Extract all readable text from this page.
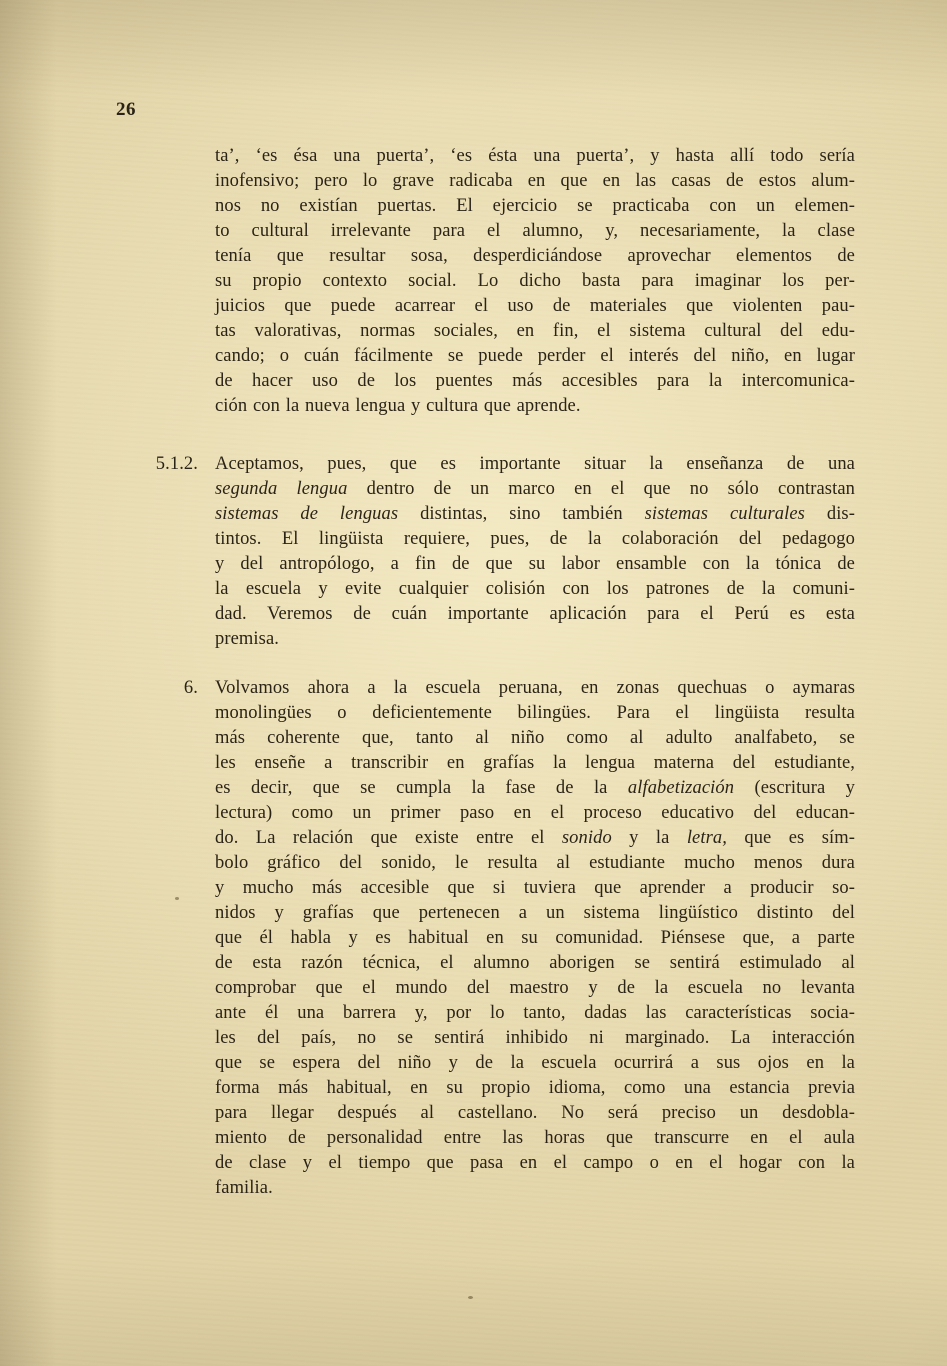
26
ta’, ‘es ésa una puerta’, ‘es ésta una puerta’, y hasta allí todo sería
inofensivo; pero lo grave radicaba en que en las casas de estos alum-
nos no existían puertas. El ejercicio se practicaba con un elemen-
to cultural irrelevante para el alumno, y, necesariamente, la clase
tenía que resultar sosa, desperdiciándose aprovechar elementos de
su propio contexto social. Lo dicho basta para imaginar los per-
juicios que puede acarrear el uso de materiales que violenten pau-
tas valorativas, normas sociales, en fin, el sistema cultural del edu-
cando; o cuán fácilmente se puede perder el interés del niño, en lugar
de hacer uso de los puentes más accesibles para la intercomunica-
ción con la nueva lengua y cultura que aprende.
5.1.2. Aceptamos, pues, que es importante situar la enseñanza de una
segunda lengua dentro de un marco en el que no sólo contrastan
sistemas de lenguas distintas, sino también sistemas culturales dis-
tintos. El lingüista requiere, pues, de la colaboración del pedagogo
y del antropólogo, a fin de que su labor ensamble con la tónica de
la escuela y evite cualquier colisión con los patrones de la comuni-
dad. Veremos de cuán importante aplicación para el Perú es esta
premisa.
6. Volvamos ahora a la escuela peruana, en zonas quechuas o aymaras
monolingües o deficientemente bilingües. Para el lingüista resulta
más coherente que, tanto al niño como al adulto analfabeto, se
les enseñe a transcribir en grafías la lengua materna del estudiante,
es decir, que se cumpla la fase de la alfabetización (escritura y
lectura) como un primer paso en el proceso educativo del educan-
do. La relación que existe entre el sonido y la letra, que es sím-
bolo gráfico del sonido, le resulta al estudiante mucho menos dura
y mucho más accesible que si tuviera que aprender a producir so-
nidos y grafías que pertenecen a un sistema lingüístico distinto del
que él habla y es habitual en su comunidad. Piénsese que, a parte
de esta razón técnica, el alumno aborigen se sentirá estimulado al
comprobar que el mundo del maestro y de la escuela no levanta
ante él una barrera y, por lo tanto, dadas las características socia-
les del país, no se sentirá inhibido ni marginado. La interacción
que se espera del niño y de la escuela ocurrirá a sus ojos en la
forma más habitual, en su propio idioma, como una estancia previa
para llegar después al castellano. No será preciso un desdobla-
miento de personalidad entre las horas que transcurre en el aula
de clase y el tiempo que pasa en el campo o en el hogar con la
familia.
